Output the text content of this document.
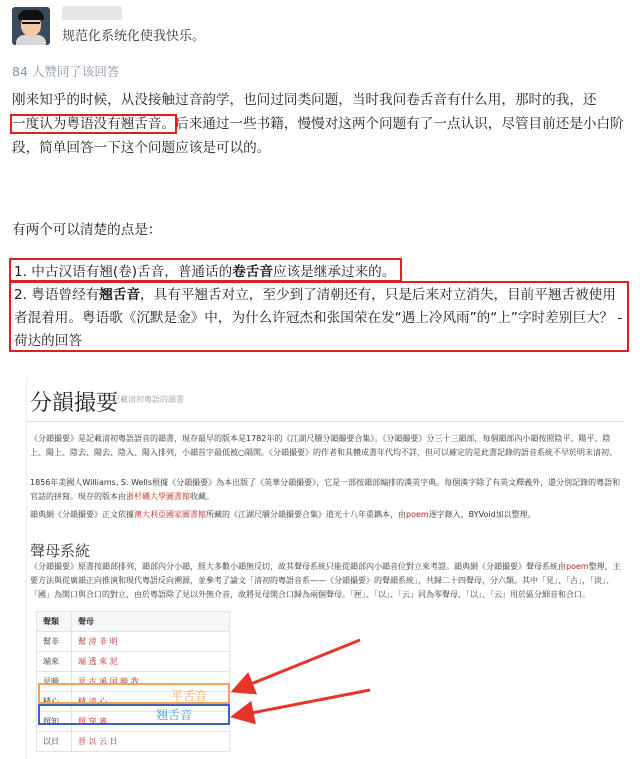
规范化系统化使我快乐。
84 人赞同了该回答

刚来知乎的时候，从没接触过音韵学，也问过同类问题，当时我问卷舌音有什么用，那时的我，还
一度认为粤语没有翘舌音。后来通过一些书籍，慢慢对这两个问题有了一点认识，尽管目前还是小白阶段，简单回答一下这个问题应该是可以的。

有两个可以清楚的点是：
1. 中古汉语有翘(卷)舌音，普通话的卷舌音应该是继承过来的。
2. 粤语曾经有翘舌音，具有平翘舌对立，至少到了清朝还有，只是后来对立消失，目前平翘舌被使用者混着用。粤语歌《沉默是金》中，为什么许冠杰和张国荣在发“遇上冷风雨”的“上”字时差别巨大？ - 荷达的回答
分韻撮要
記載清初粵語的韻書

《分韻撮要》是記載清初粵語語音的韻書，現存最早的版本是1782年的《江湖尺牘分韻撮要合集》。《分韻撮要》分三十三韻部，每個韻部內小韻按照陰平、陽平、陰上、陽上、陰去、陽去、陰入、陽入排列，小韻首字最低被○隔開。《分韻撮要》的作者和具體成書年代均不詳，但可以確定的是此書記錄的語音系統不早於明末清初。

1856年美國人Williams, S. Wells根據《分韻撮要》為本出版了《英華分韻撮要》，它是一部按韻部編排的漢英字典。每個漢字除了有英文釋義外，還分別記錄的粵語和官話的拼寫。現存的版本由浙杉磯大學圖書館收藏。

韻典網《分韻撮要》正文依據澳大利亞國家圖書館所藏的《江湖尺牘分韻撮要合集》道光十八年重鐫本，由poem逐字錄入，BYVoid加以整理。

聲母系統

《分韻撮要》原書按韻部排列，韻部內分小韻，經大多數小韻無反切，故其聲母系統只能從韻部內小韻音位對立來考證。韻典網《分韻撮要》聲母系統由poem整理，主要方法與從廣韻正向推演和現代粵語反向溯源，並參考了論文「清初的粵語音系——《分韻撮要》的聲韻系統」，共歸二十四聲母，分六類。其中「見」、「古」，「淡」、「國」為開口與合口的對立，由於粵語除了見以外無介音，故將見母開合口歸為兩個聲母。「匣」、「以」、「云」同為零聲母，「以」、「云」用於區分細音和合口。

聲類	聲母
幫非	幫 滂 非 明
端來	端 透 來 泥
見曉	見 古 溪 国 曉 我
精心	精 清 心
照知	照 穿 審
以日	晉 以 云 日
平舌音
翘舌音
